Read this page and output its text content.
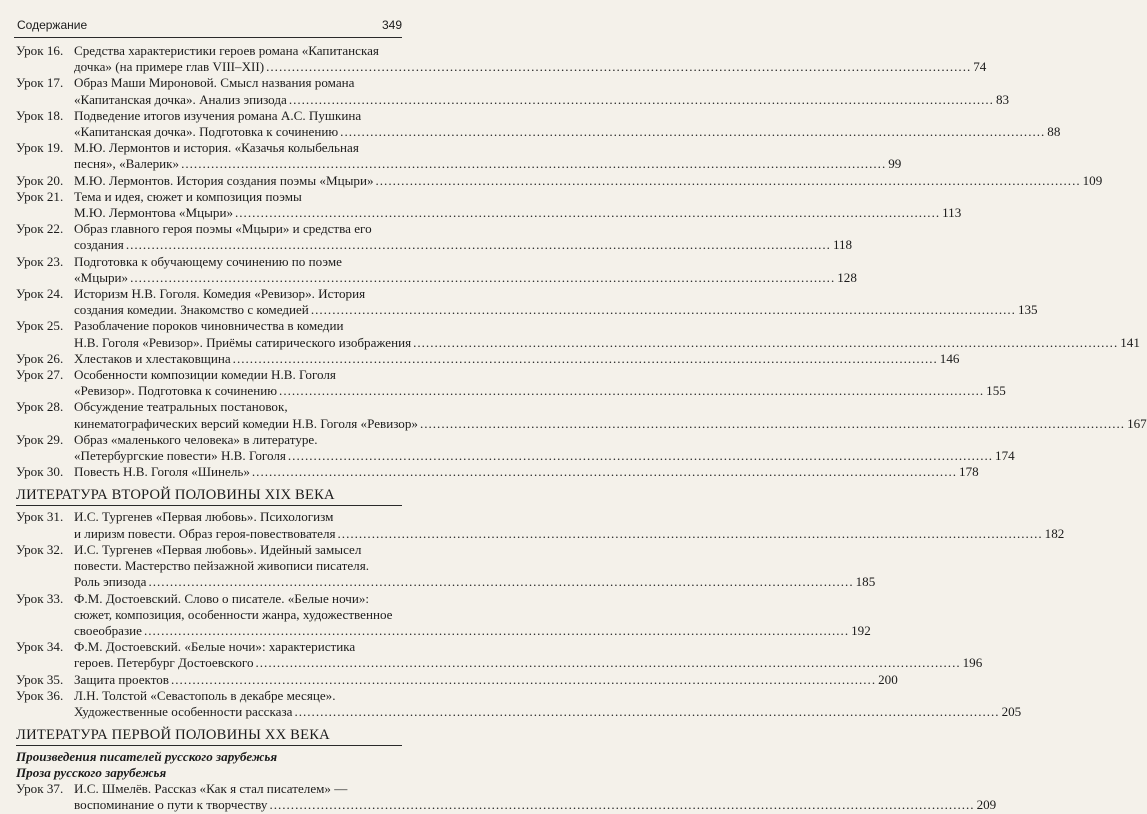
Содержание	349
Урок 16. Средства характеристики героев романа «Капитанская
дочка» (на примере глав VIII–XII) .....	74
Урок 17. Образ Маши Мироновой. Смысл названия романа
«Капитанская дочка». Анализ эпизода .....	83
Урок 18. Подведение итогов изучения романа А.С. Пушкина
«Капитанская дочка». Подготовка к сочинению .....	88
Урок 19. М.Ю. Лермонтов и история. «Казачья колыбельная
песня», «Валерик» .....	99
Урок 20. М.Ю. Лермонтов. История создания поэмы «Мцыри» .....	109
Урок 21. Тема и идея, сюжет и композиция поэмы
М.Ю. Лермонтова «Мцыри» .....	113
Урок 22. Образ главного героя поэмы «Мцыри» и средства его
создания .....	118
Урок 23. Подготовка к обучающему сочинению по поэме
«Мцыри» .....	128
Урок 24. Историзм Н.В. Гоголя. Комедия «Ревизор». История
создания комедии. Знакомство с комедией .....	135
Урок 25. Разоблачение пороков чиновничества в комедии
Н.В. Гоголя «Ревизор». Приёмы сатирического изображения .....	141
Урок 26. Хлестаков и хлестаковщина .....	146
Урок 27. Особенности композиции комедии Н.В. Гоголя
«Ревизор». Подготовка к сочинению .....	155
Урок 28. Обсуждение театральных постановок,
кинематографических версий комедии Н.В. Гоголя «Ревизор» .....	167
Урок 29. Образ «маленького человека» в литературе.
«Петербургские повести» Н.В. Гоголя .....	174
Урок 30. Повесть Н.В. Гоголя «Шинель» .....	178
ЛИТЕРАТУРА ВТОРОЙ ПОЛОВИНЫ XIX ВЕКА
Урок 31. И.С. Тургенев «Первая любовь». Психологизм
и лиризм повести. Образ героя-повествователя .....	182
Урок 32. И.С. Тургенев «Первая любовь». Идейный замысел
повести. Мастерство пейзажной живописи писателя.
Роль эпизода .....	185
Урок 33. Ф.М. Достоевский. Слово о писателе. «Белые ночи»:
сюжет, композиция, особенности жанра, художественное
своеобразие .....	192
Урок 34. Ф.М. Достоевский. «Белые ночи»: характеристика
героев. Петербург Достоевского .....	196
Урок 35. Защита проектов .....	200
Урок 36. Л.Н. Толстой «Севастополь в декабре месяце».
Художественные особенности рассказа .....	205
ЛИТЕРАТУРА ПЕРВОЙ ПОЛОВИНЫ XX ВЕКА
Произведения писателей русского зарубежья
Проза русского зарубежья
Урок 37. И.С. Шмелёв. Рассказ «Как я стал писателем» —
воспоминание о пути к творчеству .....	209
